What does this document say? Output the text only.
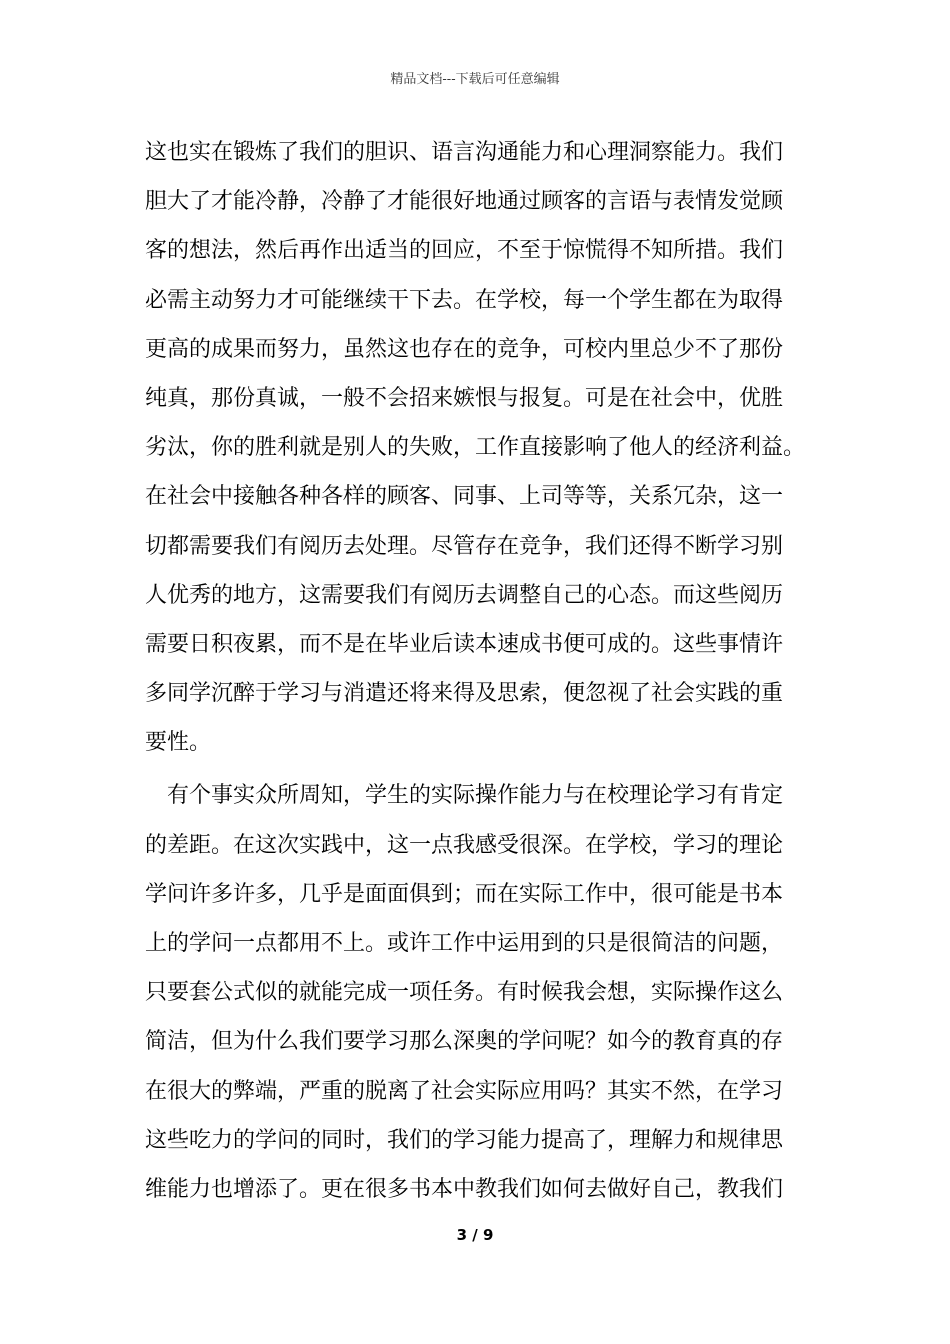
精品文档---下载后可任意编辑
这也实在锻炼了我们的胆识、语言沟通能力和心理洞察能力。我们
胆大了才能冷静，冷静了才能很好地通过顾客的言语与表情发觉顾
客的想法，然后再作出适当的回应，不至于惊慌得不知所措。我们
必需主动努力才可能继续干下去。在学校，每一个学生都在为取得
更高的成果而努力，虽然这也存在的竞争，可校内里总少不了那份
纯真，那份真诚，一般不会招来嫉恨与报复。可是在社会中，优胜
劣汰，你的胜利就是别人的失败，工作直接影响了他人的经济利益。
在社会中接触各种各样的顾客、同事、上司等等，关系冗杂，这一
切都需要我们有阅历去处理。尽管存在竞争，我们还得不断学习别
人优秀的地方，这需要我们有阅历去调整自己的心态。而这些阅历
需要日积夜累，而不是在毕业后读本速成书便可成的。这些事情许
多同学沉醉于学习与消遣还将来得及思索，便忽视了社会实践的重
要性。
有个事实众所周知，学生的实际操作能力与在校理论学习有肯定
的差距。在这次实践中，这一点我感受很深。在学校，学习的理论
学问许多许多，几乎是面面俱到；而在实际工作中，很可能是书本
上的学问一点都用不上。或许工作中运用到的只是很简洁的问题，
只要套公式似的就能完成一项任务。有时候我会想，实际操作这么
简洁，但为什么我们要学习那么深奥的学问呢？如今的教育真的存
在很大的弊端，严重的脱离了社会实际应用吗？其实不然，在学习
这些吃力的学问的同时，我们的学习能力提高了，理解力和规律思
维能力也增添了。更在很多书本中教我们如何去做好自己，教我们
3 / 9
